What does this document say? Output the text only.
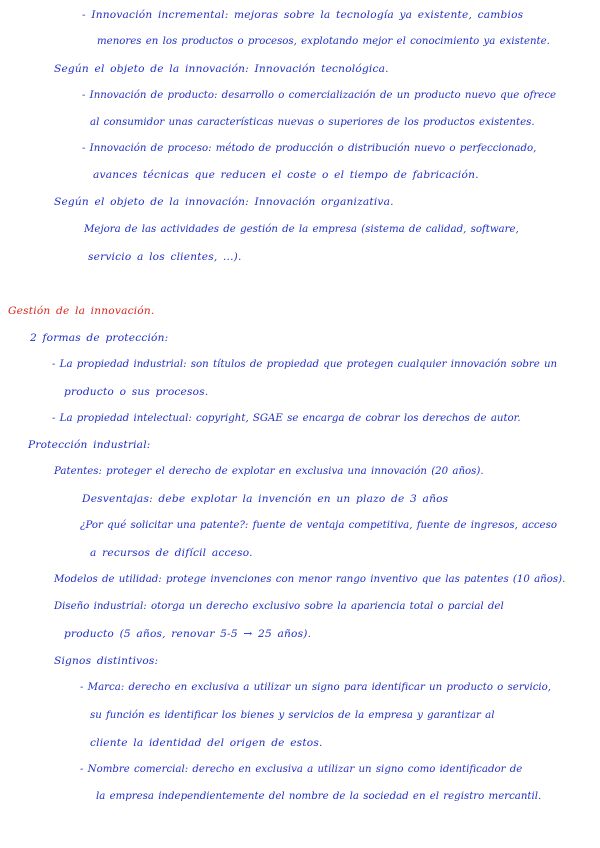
- Innovación incremental: mejoras sobre la tecnología ya existente, cambios
menores en los productos o procesos, explotando mejor el conocimiento ya existente.
Según el objeto de la innovación: Innovación tecnológica.
- Innovación de producto: desarrollo o comercialización de un producto nuevo que ofrece
al consumidor unas características nuevas o superiores de los productos existentes.
- Innovación de proceso: método de producción o distribución nuevo o perfeccionado,
avances técnicas que reducen el coste o el tiempo de fabricación.
Según el objeto de la innovación: Innovación organizativa.
Mejora de las actividades de gestión de la empresa (sistema de calidad, software,
servicio a los clientes, ...).
Gestión de la innovación.
2 formas de protección:
- La propiedad industrial: son títulos de propiedad que protegen cualquier innovación sobre un
producto o sus procesos.
- La propiedad intelectual: copyright, SGAE se encarga de cobrar los derechos de autor.
Protección industrial:
Patentes: proteger el derecho de explotar en exclusiva una innovación (20 años).
Desventajas: debe explotar la invención en un plazo de 3 años
¿Por qué solicitar una patente?: fuente de ventaja competitiva, fuente de ingresos, acceso
a recursos de difícil acceso.
Modelos de utilidad: protege invenciones con menor rango inventivo que las patentes (10 años).
Diseño industrial: otorga un derecho exclusivo sobre la apariencia total o parcial del
producto (5 años, renovar 5-5 → 25 años).
Signos distintivos:
- Marca: derecho en exclusiva a utilizar un signo para identificar un producto o servicio,
su función es identificar los bienes y servicios de la empresa y garantizar al
cliente la identidad del origen de estos.
- Nombre comercial: derecho en exclusiva a utilizar un signo como identificador de
la empresa independientemente del nombre de la sociedad en el registro mercantil.
